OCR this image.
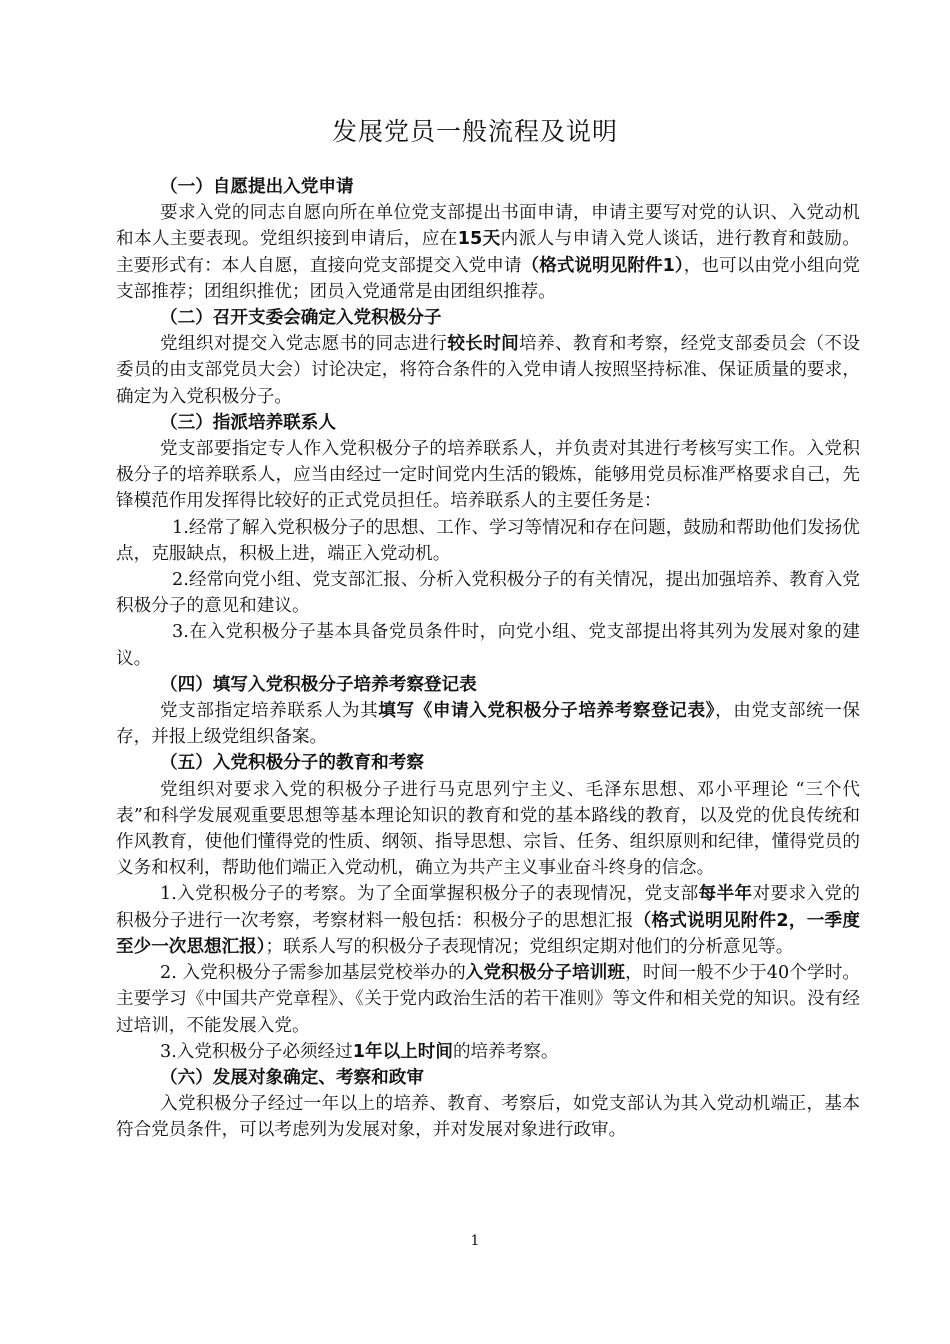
发展党员一般流程及说明

（一）自愿提出入党申请

要求入党的同志自愿向所在单位党支部提出书面申请，申请主要写对党的认识、入党动机和本人主要表现。党组织接到申请后，应在15天内派人与申请入党人谈话，进行教育和鼓励。主要形式有：本人自愿，直接向党支部提交入党申请（格式说明见附件1），也可以由党小组向党支部推荐；团组织推优；团员入党通常是由团组织推荐。

（二）召开支委会确定入党积极分子

党组织对提交入党志愿书的同志进行较长时间培养、教育和考察，经党支部委员会（不设委员的由支部党员大会）讨论决定，将符合条件的入党申请人按照坚持标准、保证质量的要求，确定为入党积极分子。

（三）指派培养联系人

党支部要指定专人作入党积极分子的培养联系人，并负责对其进行考核写实工作。入党积极分子的培养联系人，应当由经过一定时间党内生活的锻炼，能够用党员标准严格要求自己，先锋模范作用发挥得比较好的正式党员担任。培养联系人的主要任务是：

1.经常了解入党积极分子的思想、工作、学习等情况和存在问题，鼓励和帮助他们发扬优点，克服缺点，积极上进，端正入党动机。

2.经常向党小组、党支部汇报、分析入党积极分子的有关情况，提出加强培养、教育入党积极分子的意见和建议。

3.在入党积极分子基本具备党员条件时，向党小组、党支部提出将其列为发展对象的建议。

（四）填写入党积极分子培养考察登记表

党支部指定培养联系人为其填写《申请入党积极分子培养考察登记表》，由党支部统一保存，并报上级党组织备案。

（五）入党积极分子的教育和考察

党组织对要求入党的积极分子进行马克思列宁主义、毛泽东思想、邓小平理论 “三个代表”和科学发展观重要思想等基本理论知识的教育和党的基本路线的教育，以及党的优良传统和作风教育，使他们懂得党的性质、纲领、指导思想、宗旨、任务、组织原则和纪律，懂得党员的义务和权利，帮助他们端正入党动机，确立为共产主义事业奋斗终身的信念。

1.入党积极分子的考察。为了全面掌握积极分子的表现情况，党支部每半年对要求入党的积极分子进行一次考察，考察材料一般包括：积极分子的思想汇报（格式说明见附件2，一季度至少一次思想汇报）；联系人写的积极分子表现情况；党组织定期对他们的分析意见等。

2. 入党积极分子需参加基层党校举办的入党积极分子培训班，时间一般不少于40个学时。主要学习《中国共产党章程》、《关于党内政治生活的若干准则》等文件和相关党的知识。没有经过培训，不能发展入党。

3.入党积极分子必须经过1年以上时间的培养考察。

（六）发展对象确定、考察和政审

入党积极分子经过一年以上的培养、教育、考察后，如党支部认为其入党动机端正，基本符合党员条件，可以考虑列为发展对象，并对发展对象进行政审。

1
